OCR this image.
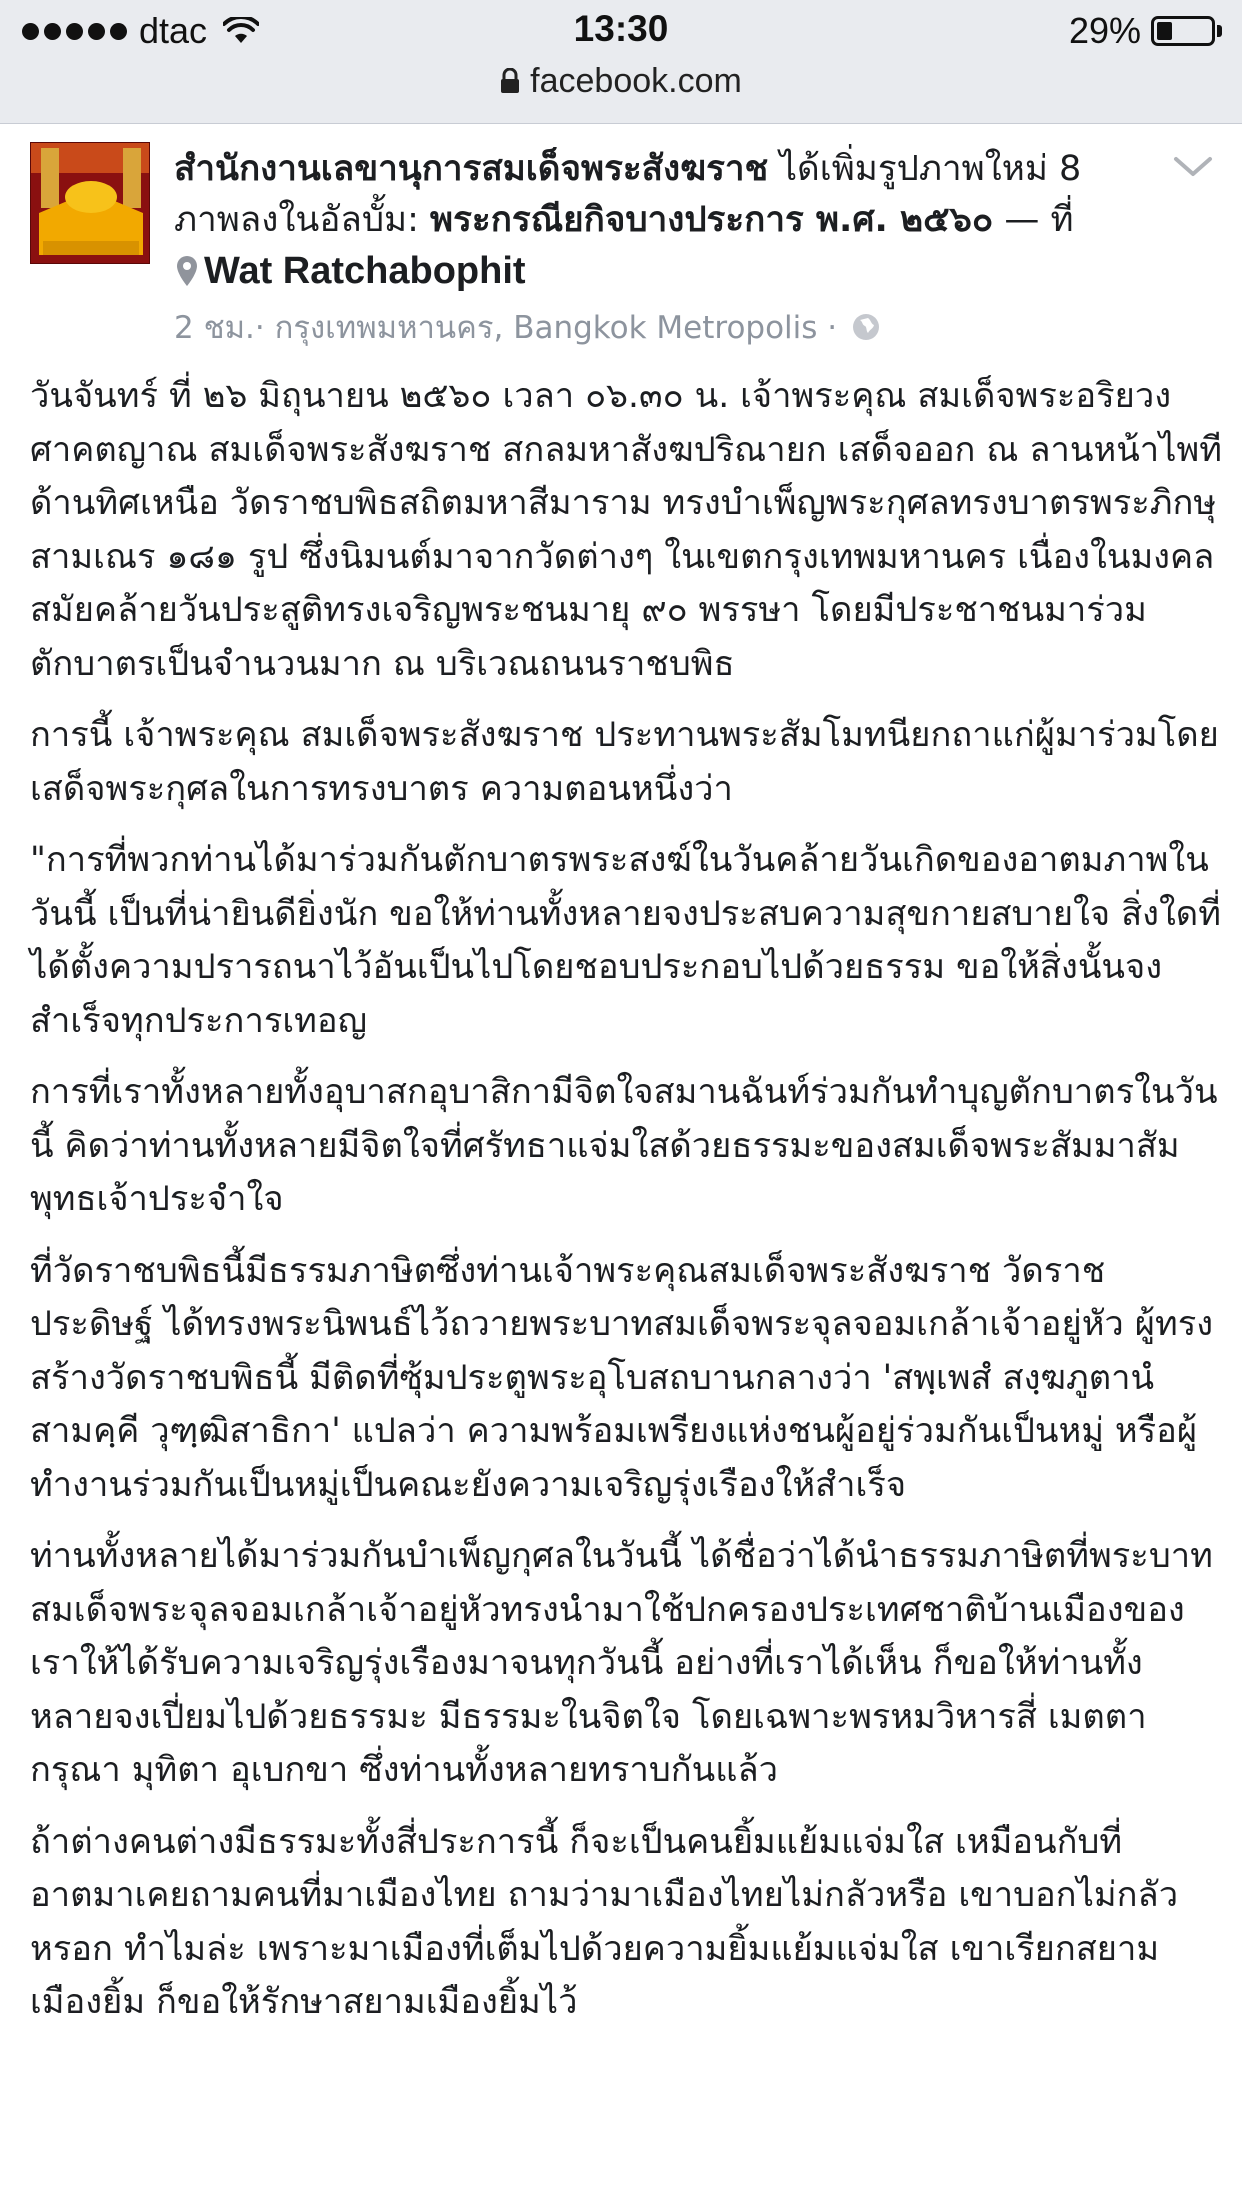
dtac	13:30	29%
facebook.com
สำนักงานเลขานุการสมเด็จพระสังฆราช ได้เพิ่มรูปภาพใหม่ 8 ภาพลงในอัลบั้ม: พระกรณียกิจบางประการ พ.ศ. ๒๕๖๐ — ที่ Wat Ratchabophit
2 ชม. · กรุงเทพมหานคร, Bangkok Metropolis ·

วันจันทร์ ที่ ๒๖ มิถุนายน ๒๕๖๐ เวลา ๐๖.๓๐ น. เจ้าพระคุณ สมเด็จพระอริยวงศาคตญาณ สมเด็จพระสังฆราช สกลมหาสังฆปริณายก เสด็จออก ณ ลานหน้าไพทีด้านทิศเหนือ วัดราชบพิธสถิตมหาสีมาราม ทรงบำเพ็ญพระกุศลทรงบาตรพระภิกษุสามเณร ๑๘๑ รูป ซึ่งนิมนต์มาจากวัดต่างๆ ในเขตกรุงเทพมหานคร เนื่องในมงคลสมัยคล้ายวันประสูติทรงเจริญพระชนมายุ ๙๐ พรรษา โดยมีประชาชนมาร่วมตักบาตรเป็นจำนวนมาก ณ บริเวณถนนราชบพิธ

การนี้ เจ้าพระคุณ สมเด็จพระสังฆราช ประทานพระสัมโมทนียกถาแก่ผู้มาร่วมโดยเสด็จพระกุศลในการทรงบาตร ความตอนหนึ่งว่า

"การที่พวกท่านได้มาร่วมกันตักบาตรพระสงฆ์ในวันคล้ายวันเกิดของอาตมภาพในวันนี้ เป็นที่น่ายินดียิ่งนัก ขอให้ท่านทั้งหลายจงประสบความสุขกายสบายใจ สิ่งใดที่ได้ตั้งความปรารถนาไว้อันเป็นไปโดยชอบประกอบไปด้วยธรรม ขอให้สิ่งนั้นจงสำเร็จทุกประการเทอญ

การที่เราทั้งหลายทั้งอุบาสกอุบาสิกามีจิตใจสมานฉันท์ร่วมกันทำบุญตักบาตรในวันนี้ คิดว่าท่านทั้งหลายมีจิตใจที่ศรัทธาแจ่มใสด้วยธรรมะของสมเด็จพระสัมมาสัมพุทธเจ้าประจำใจ

ที่วัดราชบพิธนี้มีธรรมภาษิตซึ่งท่านเจ้าพระคุณสมเด็จพระสังฆราช วัดราชประดิษฐ์ ได้ทรงพระนิพนธ์ไว้ถวายพระบาทสมเด็จพระจุลจอมเกล้าเจ้าอยู่หัว ผู้ทรงสร้างวัดราชบพิธนี้ มีติดที่ซุ้มประตูพระอุโบสถบานกลางว่า 'สพฺเพสํ สงฺฆภูตานํ สามคฺคี วุฑฺฒิสาธิกา' แปลว่า ความพร้อมเพรียงแห่งชนผู้อยู่ร่วมกันเป็นหมู่ หรือผู้ทำงานร่วมกันเป็นหมู่เป็นคณะยังความเจริญรุ่งเรืองให้สำเร็จ

ท่านทั้งหลายได้มาร่วมกันบำเพ็ญกุศลในวันนี้ ได้ชื่อว่าได้นำธรรมภาษิตที่พระบาทสมเด็จพระจุลจอมเกล้าเจ้าอยู่หัวทรงนำมาใช้ปกครองประเทศชาติบ้านเมืองของเราให้ได้รับความเจริญรุ่งเรืองมาจนทุกวันนี้ อย่างที่เราได้เห็น ก็ขอให้ท่านทั้งหลายจงเปี่ยมไปด้วยธรรมะ มีธรรมะในจิตใจ โดยเฉพาะพรหมวิหารสี่ เมตตา กรุณา มุทิตา อุเบกขา ซึ่งท่านทั้งหลายทราบกันแล้ว

ถ้าต่างคนต่างมีธรรมะทั้งสี่ประการนี้ ก็จะเป็นคนยิ้มแย้มแจ่มใส เหมือนกับที่อาตมาเคยถามคนที่มาเมืองไทย ถามว่ามาเมืองไทยไม่กลัวหรือ เขาบอกไม่กลัวหรอก ทำไมล่ะ เพราะมาเมืองที่เต็มไปด้วยความยิ้มแย้มแจ่มใส เขาเรียกสยามเมืองยิ้ม ก็ขอให้รักษาสยามเมืองยิ้มไว้
